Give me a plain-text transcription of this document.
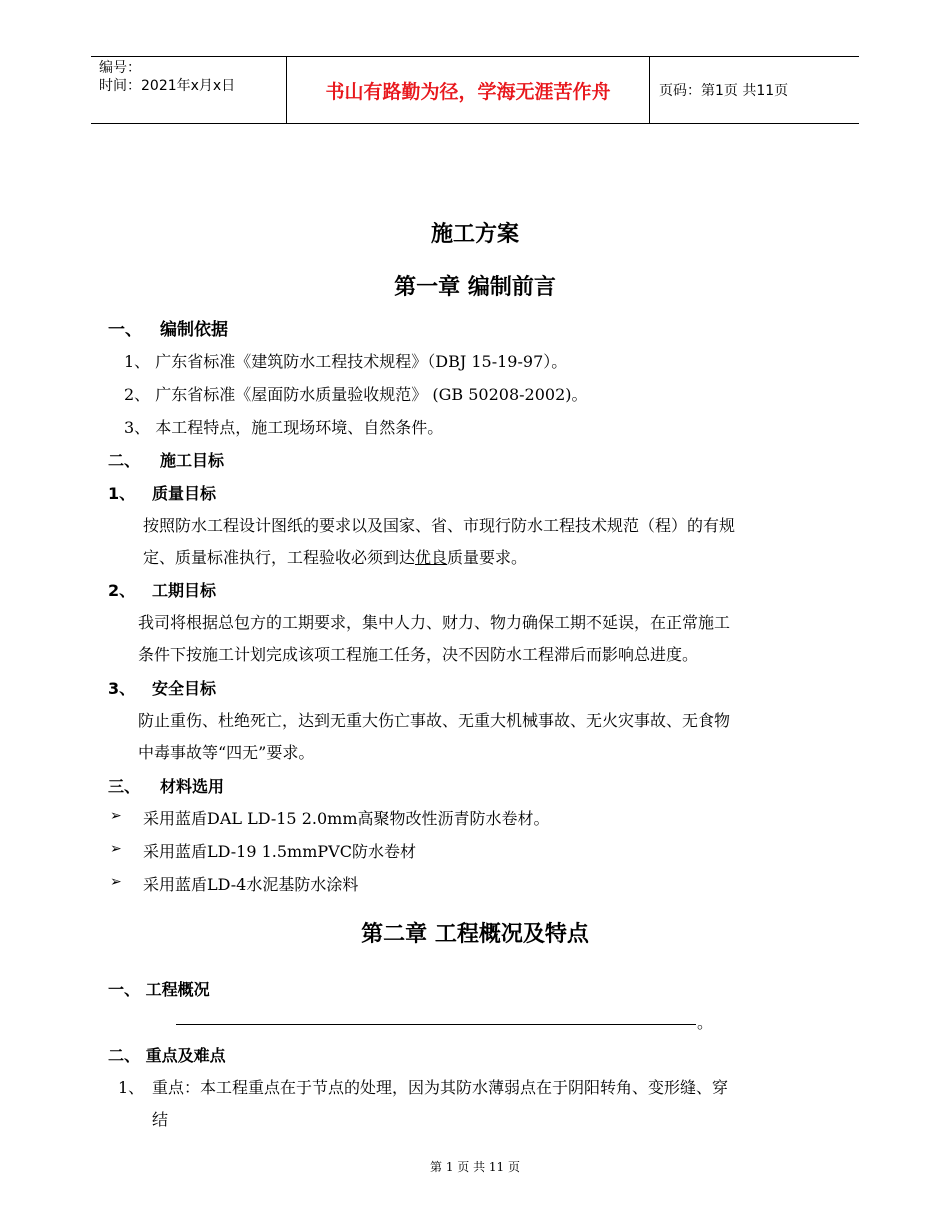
编号：
时间：2021年x月x日	书山有路勤为径，学海无涯苦作舟	页码：第1页 共11页
施工方案
第一章 编制前言
一、 编制依据
1、 广东省标准《建筑防水工程技术规程》（DBJ 15-19-97）。
2、 广东省标准《屋面防水质量验收规范》 (GB 50208-2002)。
3、 本工程特点，施工现场环境、自然条件。
二、 施工目标
1、 质量目标
按照防水工程设计图纸的要求以及国家、省、市现行防水工程技术规范（程）的有规
定、质量标准执行，工程验收必须到达优良质量要求。
2、 工期目标
我司将根据总包方的工期要求，集中人力、财力、物力确保工期不延误，在正常施工
条件下按施工计划完成该项工程施工任务，决不因防水工程滞后而影响总进度。
3、 安全目标
防止重伤、杜绝死亡，达到无重大伤亡事故、无重大机械事故、无火灾事故、无食物
中毒事故等“四无”要求。
三、 材料选用
➢ 采用蓝盾DAL LD-15 2.0mm高聚物改性沥青防水卷材。
➢ 采用蓝盾LD-19 1.5mmPVC防水卷材
➢ 采用蓝盾LD-4水泥基防水涂料
第二章 工程概况及特点
一、 工程概况
。
二、 重点及难点
1、 重点：本工程重点在于节点的处理，因为其防水薄弱点在于阴阳转角、变形缝、穿
结
第 1 页 共 11 页
